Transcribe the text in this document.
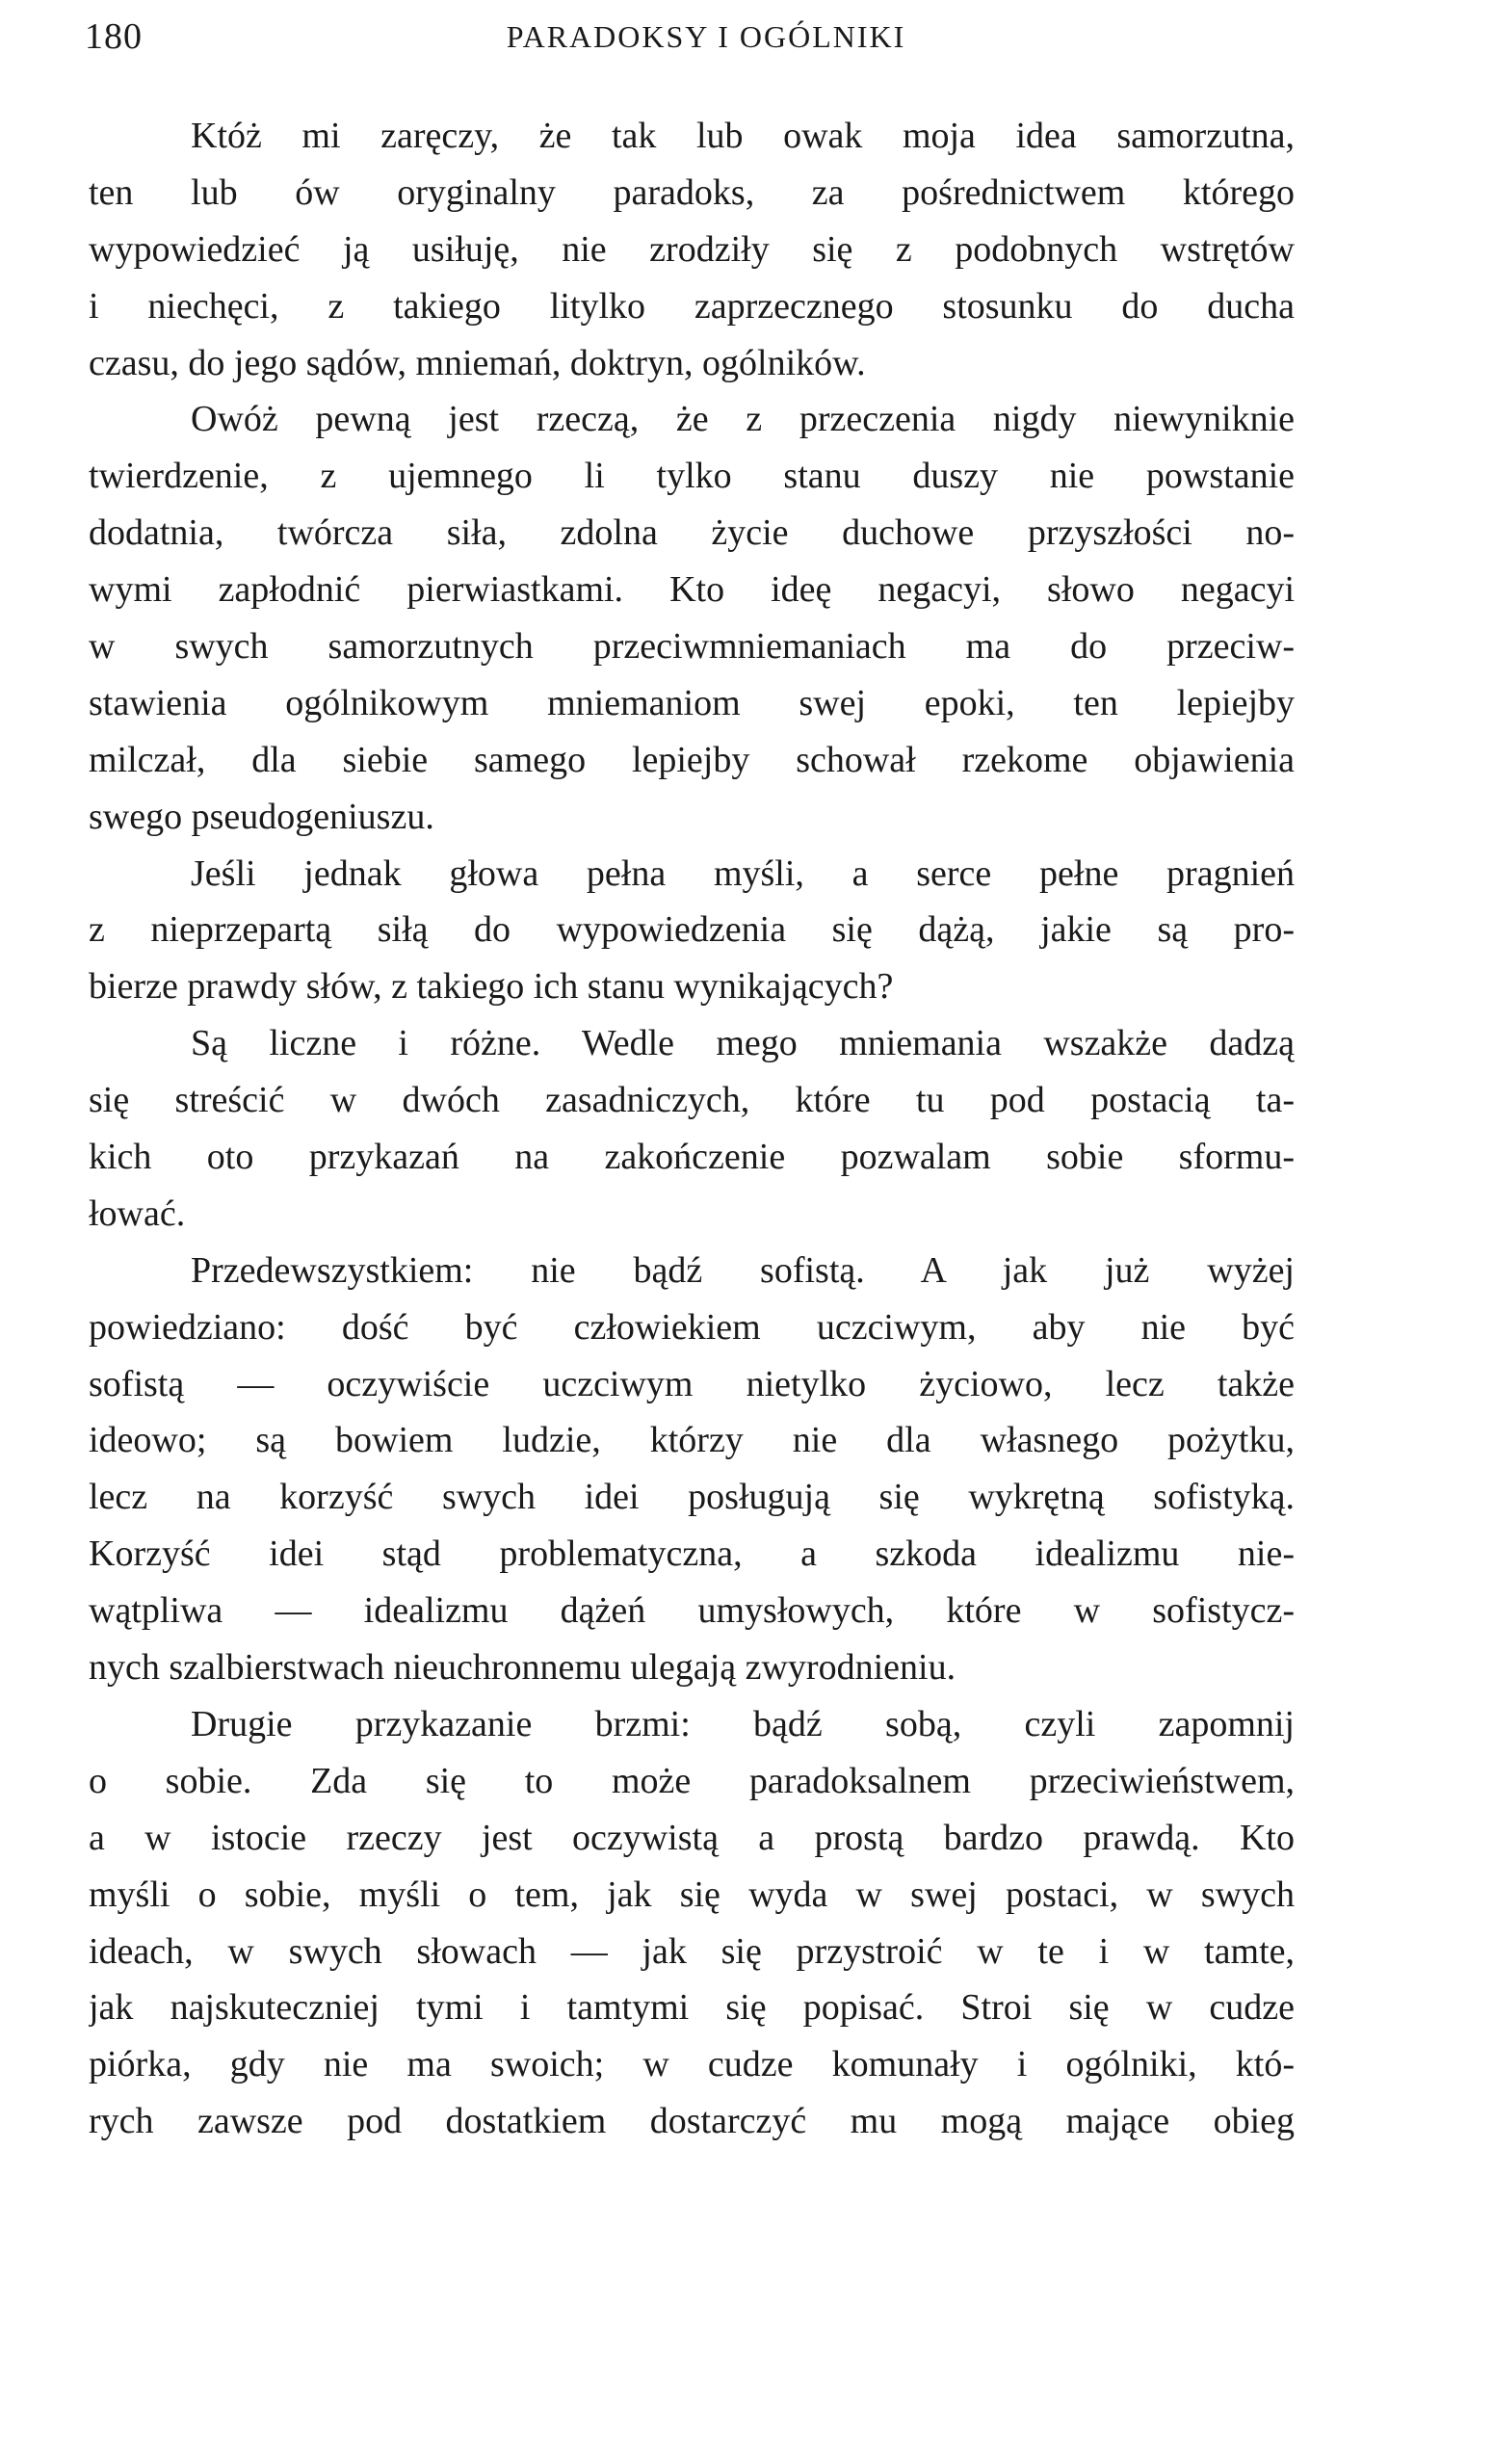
180	PARADOKSY I OGÓLNIKI
Któż mi zaręczy, że tak lub owak moja idea samorzutna,
ten lub ów oryginalny paradoks, za pośrednictwem którego
wypowiedzieć ją usiłuję, nie zrodziły się z podobnych wstrętów
i niechęci, z takiego litylko zaprzecznego stosunku do ducha
czasu, do jego sądów, mniemań, doktryn, ogólników.
Owóż pewną jest rzeczą, że z przeczenia nigdy niewyniknie
twierdzenie, z ujemnego li tylko stanu duszy nie powstanie
dodatnia, twórcza siła, zdolna życie duchowe przyszłości no-
wymi zapłodnić pierwiastkami. Kto ideę negacyi, słowo negacyi
w swych samorzutnych przeciwmniemaniach ma do przeciw-
stawienia ogólnikowym mniemaniom swej epoki, ten lepiejby
milczał, dla siebie samego lepiejby schował rzekome objawienia
swego pseudogeniuszu.
Jeśli jednak głowa pełna myśli, a serce pełne pragnień
z nieprzepartą siłą do wypowiedzenia się dążą, jakie są pro-
bierze prawdy słów, z takiego ich stanu wynikających?
Są liczne i różne. Wedle mego mniemania wszakże dadzą
się streścić w dwóch zasadniczych, które tu pod postacią ta-
kich oto przykazań na zakończenie pozwalam sobie sformu-
łować.
Przedewszystkiem: nie bądź sofistą. A jak już wyżej
powiedziano: dość być człowiekiem uczciwym, aby nie być
sofistą — oczywiście uczciwym nietylko życiowo, lecz także
ideowo; są bowiem ludzie, którzy nie dla własnego pożytku,
lecz na korzyść swych idei posługują się wykrętną sofistyką.
Korzyść idei stąd problematyczna, a szkoda idealizmu nie-
wątpliwa — idealizmu dążeń umysłowych, które w sofistycz-
nych szalbierstwach nieuchronnemu ulegają zwyrodnieniu.
Drugie przykazanie brzmi: bądź sobą, czyli zapomnij
o sobie. Zda się to może paradoksalnem przeciwieństwem,
a w istocie rzeczy jest oczywistą a prostą bardzo prawdą. Kto
myśli o sobie, myśli o tem, jak się wyda w swej postaci, w swych
ideach, w swych słowach — jak się przystroić w te i w tamte,
jak najskuteczniej tymi i tamtymi się popisać. Stroi się w cudze
piórka, gdy nie ma swoich; w cudze komunały i ogólniki, któ-
rych zawsze pod dostatkiem dostarczyć mu mogą mające obieg
